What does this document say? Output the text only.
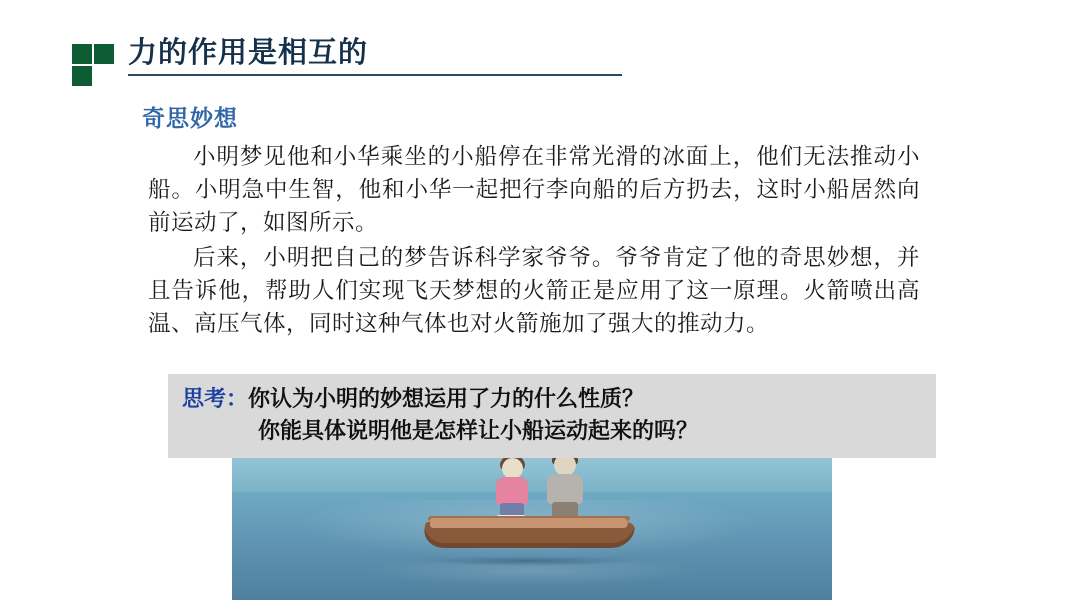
力的作用是相互的
奇思妙想

小明梦见他和小华乘坐的小船停在非常光滑的冰面上，他们无法推动小船。小明急中生智，他和小华一起把行李向船的后方扔去，这时小船居然向前运动了，如图所示。

后来，小明把自己的梦告诉科学家爷爷。爷爷肯定了他的奇思妙想，并且告诉他，帮助人们实现飞天梦想的火箭正是应用了这一原理。火箭喷出高温、高压气体，同时这种气体也对火箭施加了强大的推动力。

思考：你认为小明的妙想运用了力的什么性质？
你能具体说明他是怎样让小船运动起来的吗？
